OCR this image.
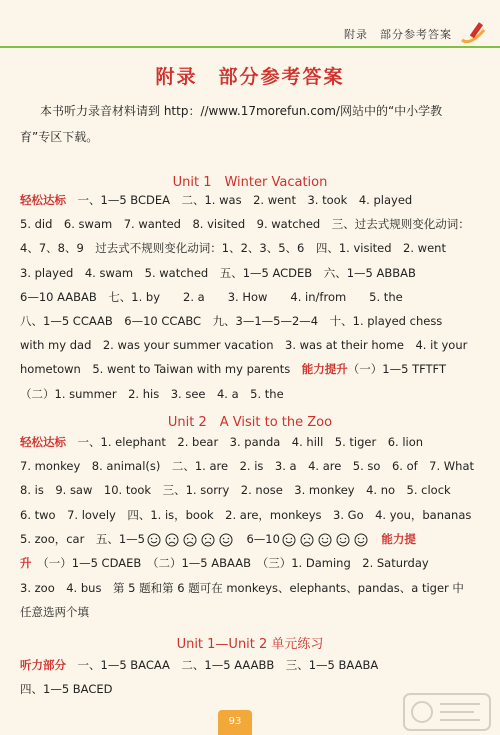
附录　部分参考答案
附录　部分参考答案
本书听力录音材料请到 http：//www.17morefun.com/网站中的“中小学教
育”专区下载。
Unit 1　Winter Vacation
轻松达标　一、1—5 BCDEA　二、1. was　2. went　3. took　4. played
5. did　6. swam　7. wanted　8. visited　9. watched　三、过去式规则变化动词：
4、7、8、9　过去式不规则变化动词：1、2、3、5、6　四、1. visited　2. went
3. played　4. swam　5. watched　五、1—5 ACDEB　六、1—5 ABBAB
6—10 AABAB　七、1. by　　2. a　　3. How　　4. in/from　　5. the
八、1—5 CCAAB　6—10 CCABC　九、3—1—5—2—4　十、1. played chess
with my dad　2. was your summer vacation　3. was at their home　4. it your
hometown　5. went to Taiwan with my parents　能力提升（一）1—5 TFTFT
（二）1. summer　2. his　3. see　4. a　5. the
Unit 2　A Visit to the Zoo
轻松达标　一、1. elephant　2. bear　3. panda　4. hill　5. tiger　6. lion
7. monkey　8. animal(s)　二、1. are　2. is　3. a　4. are　5. so　6. of　7. What
8. is　9. saw　10. took　三、1. sorry　2. nose　3. monkey　4. no　5. clock
6. two　7. lovely　四、1. is，book　2. are，monkeys　3. Go　4. you，bananas
5. zoo，car　五、1—5　	6—10　	能力提
升　 （一）1—5 CDAEB　（二）1—5 ABAAB　（三）1. Daming　2. Saturday
3. zoo　4. bus　第 5 题和第 6 题可在 monkeys、elephants、pandas、a tiger 中
任意选两个填
Unit 1—Unit 2 单元练习
听力部分　一、1—5 BACAA　二、1—5 AAABB　三、1—5 BAABA
四、1—5 BACED
93
